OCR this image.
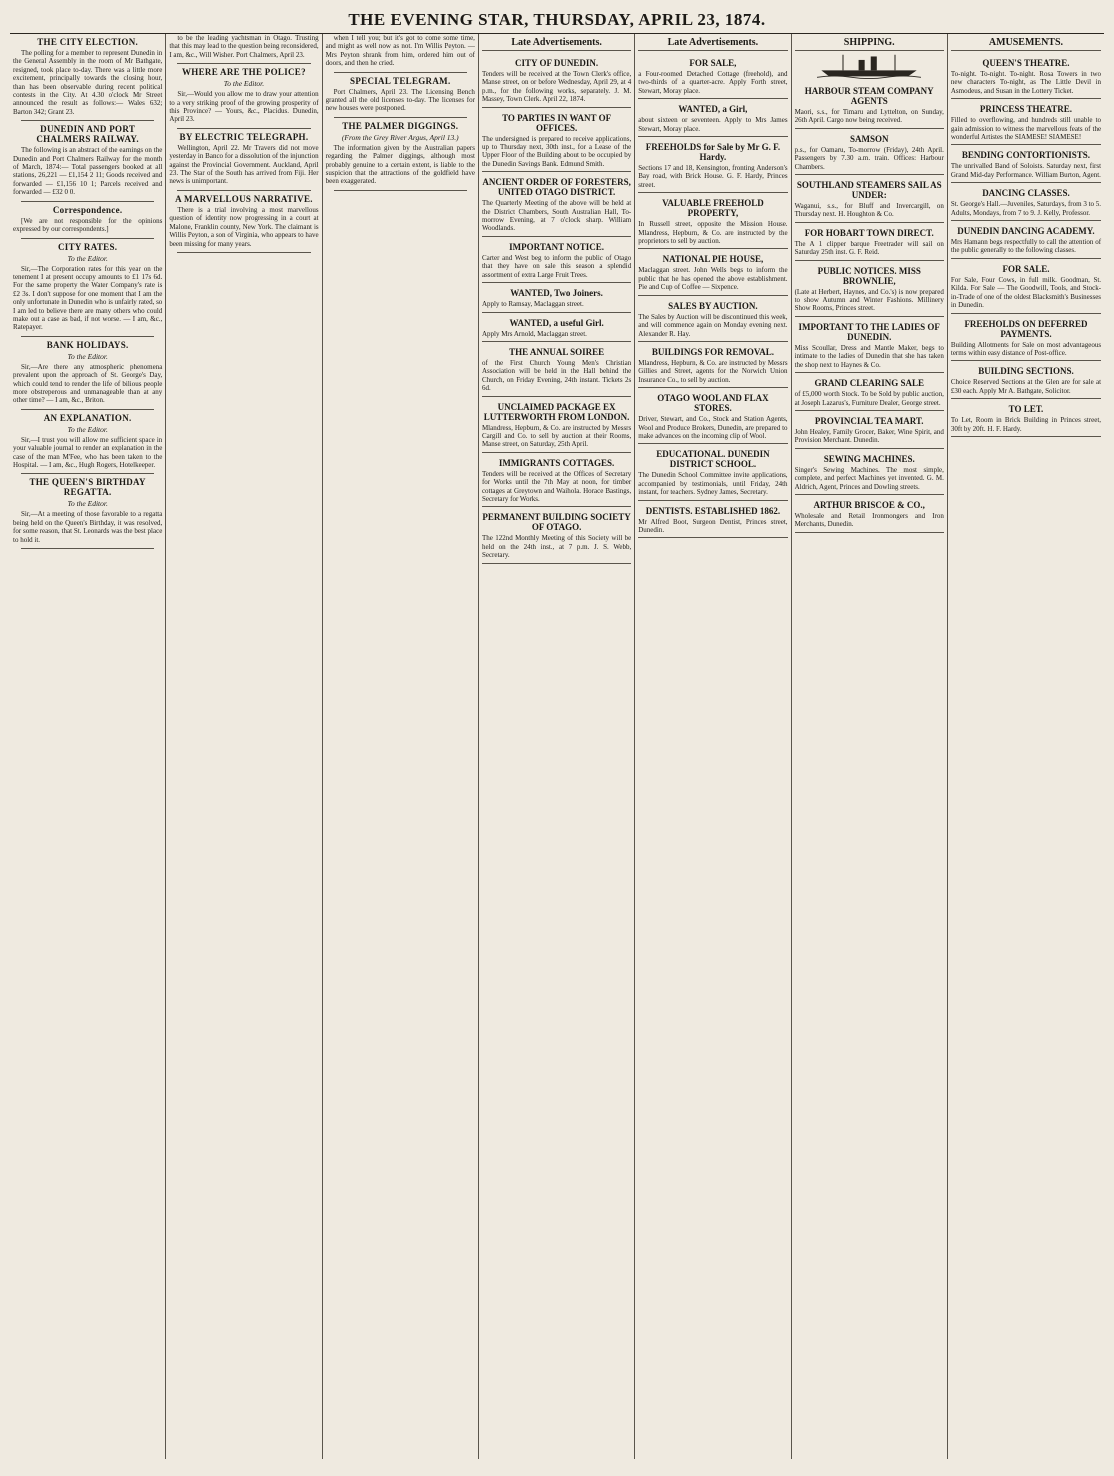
THE EVENING STAR, THURSDAY, APRIL 23, 1874.
THE CITY ELECTION.

The polling for a member to represent Dunedin in the General Assembly in the room of Mr Bathgate, resigned, took place to-day. There was a little more excitement, principally towards the closing hour, than has been observable during recent political contests in the City. At 4.30 o'clock Mr Street announced the result as follows:— Wales 632; Barton 342; Grant 23.

DUNEDIN AND PORT CHALMERS RAILWAY.

The following is an abstract of the earnings on the Dunedin and Port Chalmers Railway for the month of March, 1874:— Total passengers booked at all stations, 26,221 — £1,154 2 11; Goods received and forwarded — £1,156 10 1; Parcels received and forwarded — £32 0 0.

Correspondence.

[We are not responsible for the opinions expressed by our correspondents.]

CITY RATES.
To the Editor.

Sir,—The Corporation rates for this year on the tenement I at present occupy amounts to £1 17s 6d. For the same property the Water Company's rate is £2 3s. I don't suppose for one moment that I am the only unfortunate in Dunedin who is unfairly rated, so I am led to believe there are many others who could make out a case as bad, if not worse. — I am, &c., Ratepayer.

BANK HOLIDAYS.
To the Editor.

Sir,—Are there any atmospheric phenomena prevalent upon the approach of St. George's Day, which could tend to render the life of bilious people more obstreperous and unmanageable than at any other time? — I am, &c., Briton.

AN EXPLANATION.
To the Editor.

Sir,—I trust you will allow me sufficient space in your valuable journal to render an explanation in the case of the man M'Fee, who has been taken to the Hospital. — I am, &c., Hugh Rogers, Hotelkeeper.

THE QUEEN'S BIRTHDAY REGATTA.
To the Editor.

Sir,—At a meeting of those favorable to a regatta being held on the Queen's Birthday, it was resolved, for some reason, that St. Leonards was the best place to hold it.

to be the leading yachtsman in Otago. Trusting that this may lead to the question being reconsidered, I am, &c., Will Wisher. Port Chalmers, April 23.

WHERE ARE THE POLICE?
To the Editor.

Sir,—Would you allow me to draw your attention to a very striking proof of the growing prosperity of this Province? — Yours, &c., Placidus. Dunedin, April 23.

BY ELECTRIC TELEGRAPH.

Wellington, April 22. Mr Travers did not move yesterday in Banco for a dissolution of the injunction against the Provincial Government. Auckland, April 23. The Star of the South has arrived from Fiji. Her news is unimportant.

A MARVELLOUS NARRATIVE.

There is a trial involving a most marvellous question of identity now progressing in a court at Malone, Franklin county, New York. The claimant is Willis Peyton, a son of Virginia, who appears to have been missing for many years.

when I tell you; but it's got to come some time, and might as well now as not. I'm Willis Peyton. — Mrs Peyton shrank from him, ordered him out of doors, and then he cried.

SPECIAL TELEGRAM.

Port Chalmers, April 23. The Licensing Bench granted all the old licenses to-day. The licenses for new houses were postponed.

THE PALMER DIGGINGS.
(From the Grey River Argus, April 13.)

The information given by the Australian papers regarding the Palmer diggings, although most probably genuine to a certain extent, is liable to the suspicion that the attractions of the goldfield have been exaggerated.

Late Advertisements.
CITY OF DUNEDIN.
Tenders will be received at the Town Clerk's office, Manse street, on or before Wednesday, April 29, at 4 p.m., for the following works, separately. J. M. Massey, Town Clerk. April 22, 1874.
TO PARTIES IN WANT OF OFFICES.
The undersigned is prepared to receive applications, up to Thursday next, 30th inst., for a Lease of the Upper Floor of the Building about to be occupied by the Dunedin Savings Bank. Edmund Smith.
ANCIENT ORDER OF FORESTERS, UNITED OTAGO DISTRICT.
The Quarterly Meeting of the above will be held at the District Chambers, South Australian Hall, To-morrow Evening, at 7 o'clock sharp. William Woodlands.
IMPORTANT NOTICE.
Carter and West beg to inform the public of Otago that they have on sale this season a splendid assortment of extra Large Fruit Trees.
WANTED, Two Joiners.
Apply to Ramsay, Maclaggan street.
WANTED, a useful Girl.
Apply Mrs Arnold, Maclaggan street.
THE ANNUAL SOIREE
of the First Church Young Men's Christian Association will be held in the Hall behind the Church, on Friday Evening, 24th instant. Tickets 2s 6d.
UNCLAIMED PACKAGE EX LUTTERWORTH FROM LONDON.
Mlandress, Hepburn, & Co. are instructed by Messrs Cargill and Co. to sell by auction at their Rooms, Manse street, on Saturday, 25th April.
IMMIGRANTS COTTAGES.
Tenders will be received at the Offices of Secretary for Works until the 7th May at noon, for timber cottages at Greytown and Waihola. Horace Bastings, Secretary for Works.
PERMANENT BUILDING SOCIETY OF OTAGO.
The 122nd Monthly Meeting of this Society will be held on the 24th inst., at 7 p.m. J. S. Webb, Secretary.
Late Advertisements.
FOR SALE,
a Four-roomed Detached Cottage (freehold), and two-thirds of a quarter-acre. Apply Forth street, Stewart, Moray place.
WANTED, a Girl,
about sixteen or seventeen. Apply to Mrs James Stewart, Moray place.
FREEHOLDS for Sale by Mr G. F. Hardy.
Sections 17 and 18, Kensington, fronting Anderson's Bay road, with Brick House. G. F. Hardy, Princes street.
VALUABLE FREEHOLD PROPERTY,
In Russell street, opposite the Mission House. Mlandress, Hepburn, & Co. are instructed by the proprietors to sell by auction.
NATIONAL PIE HOUSE,
Maclaggan street. John Wells begs to inform the public that he has opened the above establishment. Pie and Cup of Coffee — Sixpence.
SALES BY AUCTION.
The Sales by Auction will be discontinued this week, and will commence again on Monday evening next. Alexander R. Hay.
BUILDINGS FOR REMOVAL.
Mlandress, Hepburn, & Co. are instructed by Messrs Gillies and Street, agents for the Norwich Union Insurance Co., to sell by auction.
OTAGO WOOL AND FLAX STORES.
Driver, Stewart, and Co., Stock and Station Agents, Wool and Produce Brokers, Dunedin, are prepared to make advances on the incoming clip of Wool.
EDUCATIONAL. DUNEDIN DISTRICT SCHOOL.
The Dunedin School Committee invite applications, accompanied by testimonials, until Friday, 24th instant, for teachers. Sydney James, Secretary.
DENTISTS. ESTABLISHED 1862.
Mr Alfred Boot, Surgeon Dentist, Princes street, Dunedin.
SHIPPING.
HARBOUR STEAM COMPANY AGENTS
Maori, s.s., for Timaru and Lyttelton, on Sunday, 26th April. Cargo now being received.
SAMSON
p.s., for Oamaru, To-morrow (Friday), 24th April. Passengers by 7.30 a.m. train. Offices: Harbour Chambers.
SOUTHLAND STEAMERS SAIL AS UNDER:
Waganui, s.s., for Bluff and Invercargill, on Thursday next. H. Houghton & Co.
FOR HOBART TOWN DIRECT.
The A 1 clipper barque Freetrader will sail on Saturday 25th inst. G. F. Reid.
PUBLIC NOTICES. MISS BROWNLIE,
(Late at Herbert, Haynes, and Co.'s) is now prepared to show Autumn and Winter Fashions. Millinery Show Rooms, Princes street.
IMPORTANT TO THE LADIES OF DUNEDIN.
Miss Scoullar, Dress and Mantle Maker, begs to intimate to the ladies of Dunedin that she has taken the shop next to Haynes & Co.
GRAND CLEARING SALE
of £5,000 worth Stock. To be Sold by public auction, at Joseph Lazarus's, Furniture Dealer, George street.
PROVINCIAL TEA MART.
John Healey, Family Grocer, Baker, Wine Spirit, and Provision Merchant. Dunedin.
SEWING MACHINES.
Singer's Sewing Machines. The most simple, complete, and perfect Machines yet invented. G. M. Aldrich, Agent, Princes and Dowling streets.
ARTHUR BRISCOE & CO.,
Wholesale and Retail Ironmongers and Iron Merchants, Dunedin.
AMUSEMENTS.
QUEEN'S THEATRE.
To-night. To-night. To-night. Rosa Towers in two new characters To-night, as The Little Devil in Asmodeus, and Susan in the Lottery Ticket.
PRINCESS THEATRE.
Filled to overflowing, and hundreds still unable to gain admission to witness the marvellous feats of the wonderful Artistes the SIAMESE! SIAMESE!
BENDING CONTORTIONISTS.
The unrivalled Band of Soloists. Saturday next, first Grand Mid-day Performance. William Burton, Agent.
DANCING CLASSES.
St. George's Hall.—Juveniles, Saturdays, from 3 to 5. Adults, Mondays, from 7 to 9. J. Kelly, Professor.
DUNEDIN DANCING ACADEMY.
Mrs Hamann begs respectfully to call the attention of the public generally to the following classes.
FOR SALE.
For Sale, Four Cows, in full milk. Goodman, St. Kilda. For Sale — The Goodwill, Tools, and Stock-in-Trade of one of the oldest Blacksmith's Businesses in Dunedin.
FREEHOLDS ON DEFERRED PAYMENTS.
Building Allotments for Sale on most advantageous terms within easy distance of Post-office.
BUILDING SECTIONS.
Choice Reserved Sections at the Glen are for sale at £30 each. Apply Mr A. Bathgate, Solicitor.
TO LET.
To Let, Room in Brick Building in Princes street, 30ft by 20ft. H. F. Hardy.
